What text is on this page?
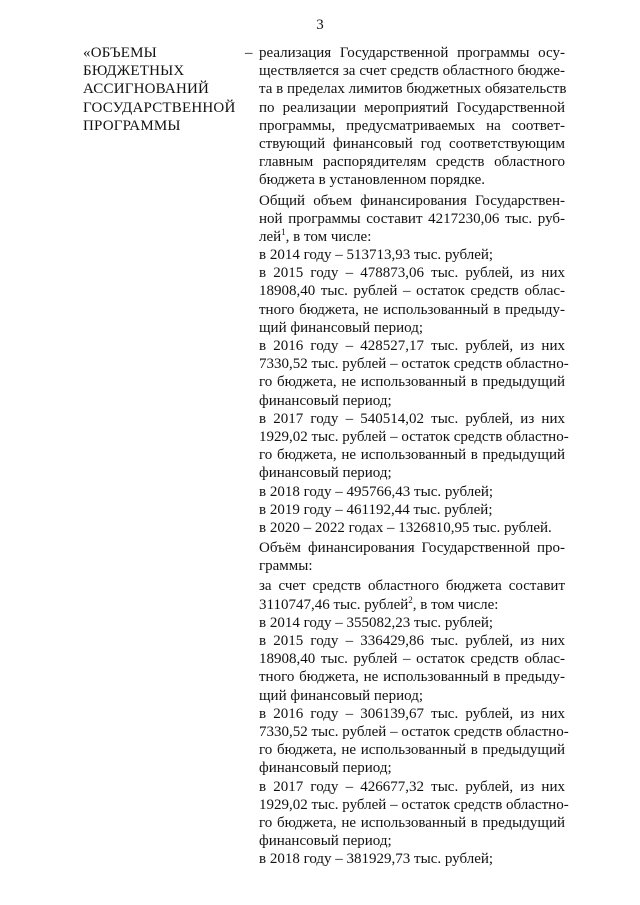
3
«ОБЪЕМЫ
БЮДЖЕТНЫХ
АССИГНОВАНИЙ
ГОСУДАРСТВЕННОЙ
ПРОГРАММЫ
– реализация Государственной программы осу-
ществляется за счет средств областного бюдже-
та в пределах лимитов бюджетных обязательств
по реализации мероприятий Государственной
программы, предусматриваемых на соответ-
ствующий финансовый год соответствующим
главным распорядителям средств областного
бюджета в установленном порядке.
Общий объем финансирования Государствен-
ной программы составит 4217230,06 тыс. руб-
лей$^1$, в том числе:
в 2014 году – 513713,93 тыс. рублей;
в 2015 году – 478873,06 тыс. рублей, из них
18908,40 тыс. рублей – остаток средств облас-
тного бюджета, не использованный в предыду-
щий финансовый период;
в 2016 году – 428527,17 тыс. рублей, из них
7330,52 тыс. рублей – остаток средств областно-
го бюджета, не использованный в предыдущий
финансовый период;
в 2017 году – 540514,02 тыс. рублей, из них
1929,02 тыс. рублей – остаток средств областно-
го бюджета, не использованный в предыдущий
финансовый период;
в 2018 году – 495766,43 тыс. рублей;
в 2019 году – 461192,44 тыс. рублей;
в 2020 – 2022 годах – 1326810,95 тыс. рублей.
Объём финансирования Государственной про-
граммы:
за счет средств областного бюджета составит
3110747,46 тыс. рублей$^2$, в том числе:
в 2014 году – 355082,23 тыс. рублей;
в 2015 году – 336429,86 тыс. рублей, из них
18908,40 тыс. рублей – остаток средств облас-
тного бюджета, не использованный в предыду-
щий финансовый период;
в 2016 году – 306139,67 тыс. рублей, из них
7330,52 тыс. рублей – остаток средств областно-
го бюджета, не использованный в предыдущий
финансовый период;
в 2017 году – 426677,32 тыс. рублей, из них
1929,02 тыс. рублей – остаток средств областно-
го бюджета, не использованный в предыдущий
финансовый период;
в 2018 году – 381929,73 тыс. рублей;
